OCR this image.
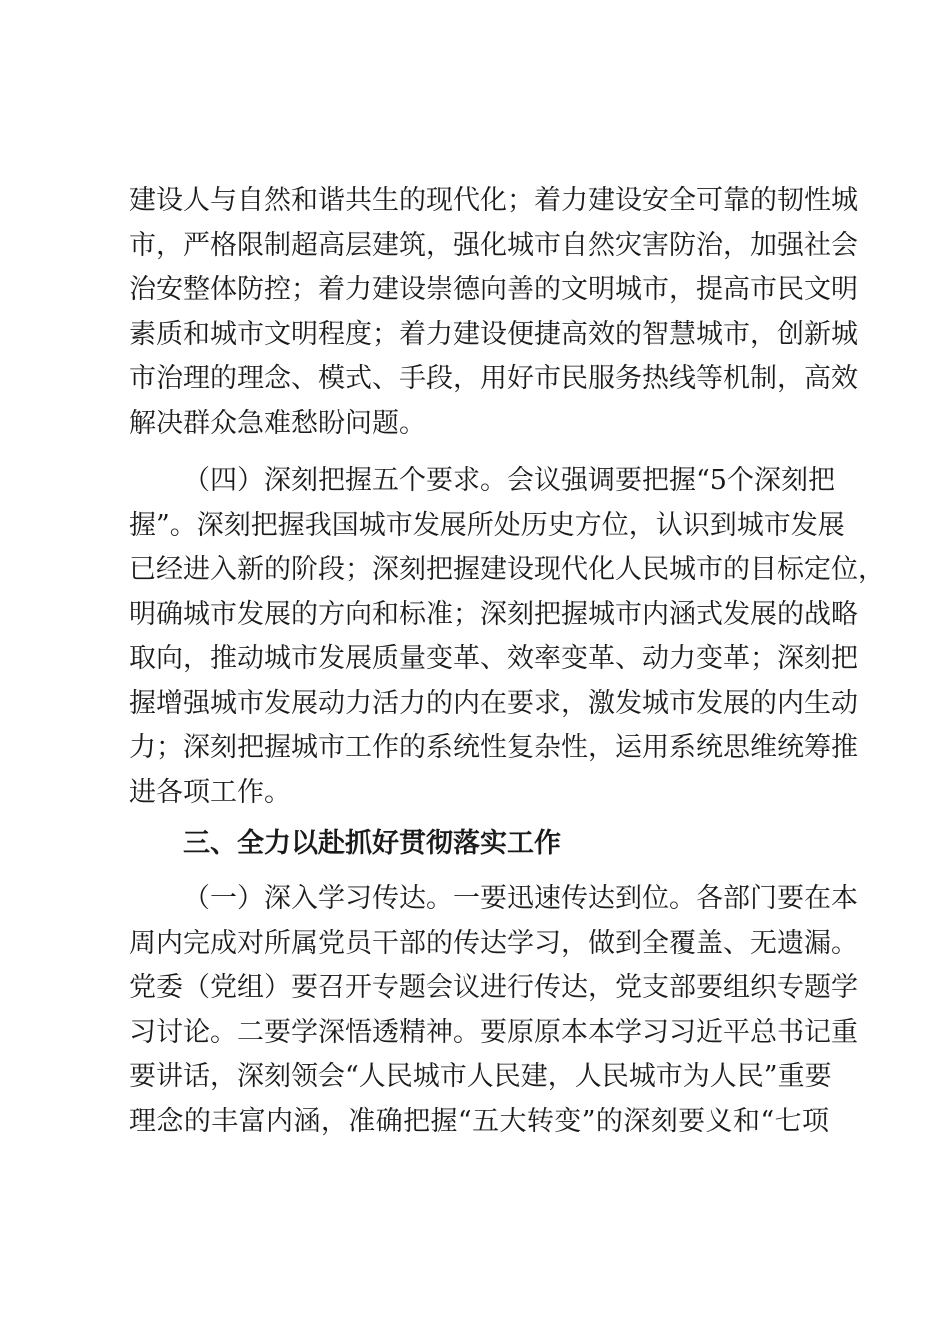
建设人与自然和谐共生的现代化；着力建设安全可靠的韧性城
市，严格限制超高层建筑，强化城市自然灾害防治，加强社会
治安整体防控；着力建设崇德向善的文明城市，提高市民文明
素质和城市文明程度；着力建设便捷高效的智慧城市，创新城
市治理的理念、模式、手段，用好市民服务热线等机制，高效
解决群众急难愁盼问题。
（四）深刻把握五个要求。会议强调要把握“5个深刻把
握”。深刻把握我国城市发展所处历史方位，认识到城市发展
已经进入新的阶段；深刻把握建设现代化人民城市的目标定位，
明确城市发展的方向和标准；深刻把握城市内涵式发展的战略
取向，推动城市发展质量变革、效率变革、动力变革；深刻把
握增强城市发展动力活力的内在要求，激发城市发展的内生动
力；深刻把握城市工作的系统性复杂性，运用系统思维统筹推
进各项工作。
三、全力以赴抓好贯彻落实工作
（一）深入学习传达。一要迅速传达到位。各部门要在本
周内完成对所属党员干部的传达学习，做到全覆盖、无遗漏。
党委（党组）要召开专题会议进行传达，党支部要组织专题学
习讨论。二要学深悟透精神。要原原本本学习习近平总书记重
要讲话，深刻领会“人民城市人民建，人民城市为人民”重要
理念的丰富内涵，准确把握“五大转变”的深刻要义和“七项
